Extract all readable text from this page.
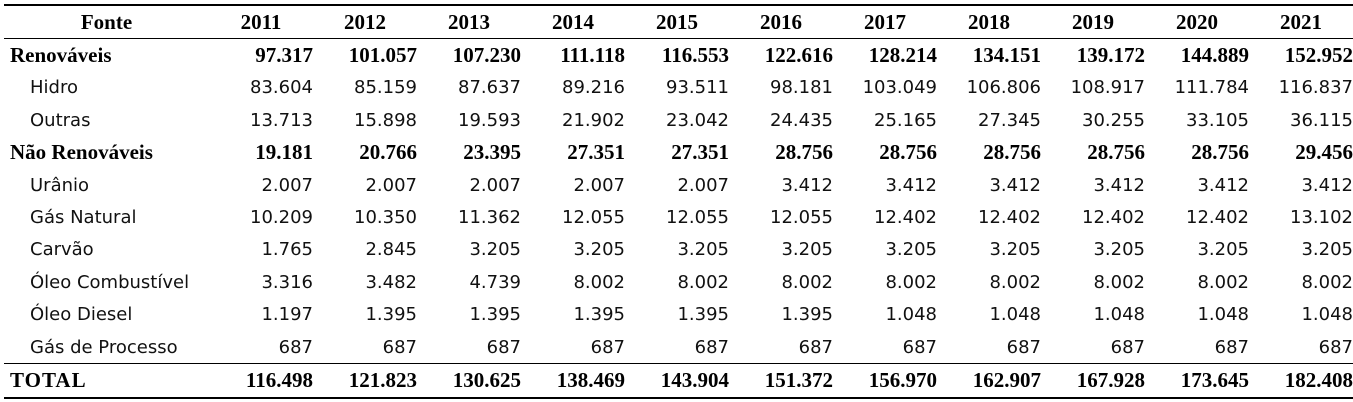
Fonte	2011	2012	2013	2014	2015	2016	2017	2018	2019	2020	2021
Renováveis	97.317	101.057	107.230	111.118	116.553	122.616	128.214	134.151	139.172	144.889	152.952
Hidro	83.604	85.159	87.637	89.216	93.511	98.181	103.049	106.806	108.917	111.784	116.837
Outras	13.713	15.898	19.593	21.902	23.042	24.435	25.165	27.345	30.255	33.105	36.115
Não Renováveis	19.181	20.766	23.395	27.351	27.351	28.756	28.756	28.756	28.756	28.756	29.456
Urânio	2.007	2.007	2.007	2.007	2.007	3.412	3.412	3.412	3.412	3.412	3.412
Gás Natural	10.209	10.350	11.362	12.055	12.055	12.055	12.402	12.402	12.402	12.402	13.102
Carvão	1.765	2.845	3.205	3.205	3.205	3.205	3.205	3.205	3.205	3.205	3.205
Óleo Combustível	3.316	3.482	4.739	8.002	8.002	8.002	8.002	8.002	8.002	8.002	8.002
Óleo Diesel	1.197	1.395	1.395	1.395	1.395	1.395	1.048	1.048	1.048	1.048	1.048
Gás de Processo	687	687	687	687	687	687	687	687	687	687	687
TOTAL	116.498	121.823	130.625	138.469	143.904	151.372	156.970	162.907	167.928	173.645	182.408
